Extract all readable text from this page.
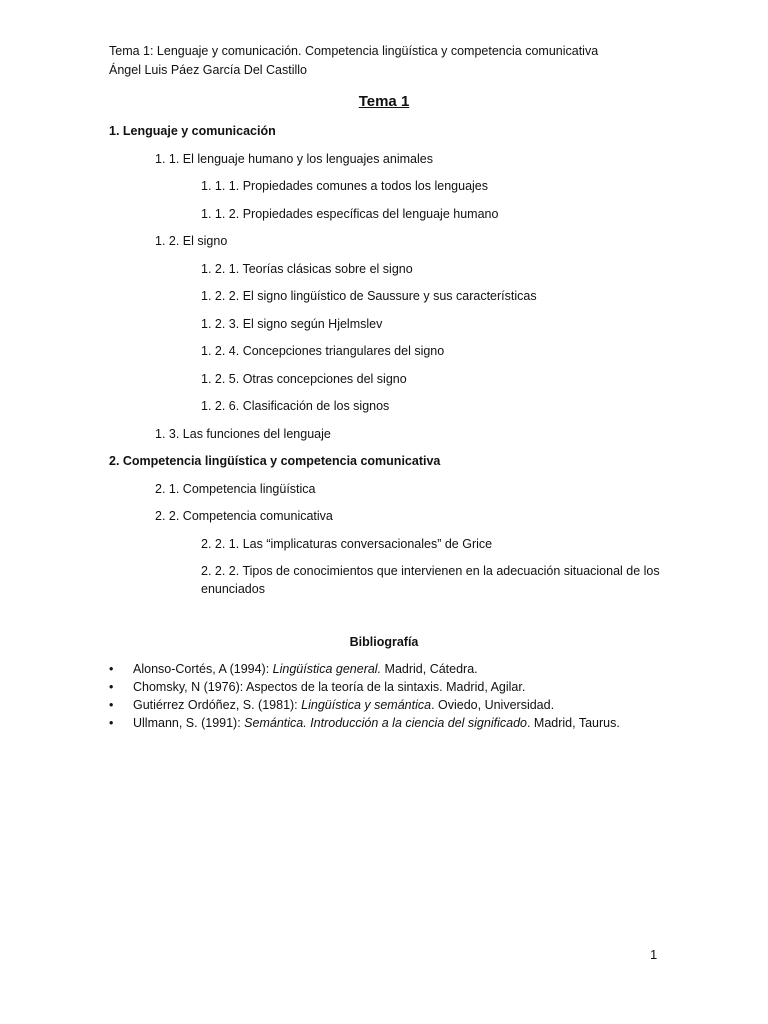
Tema 1: Lenguaje y comunicación. Competencia lingüística y competencia comunicativa
Ángel Luis Páez García Del Castillo
Tema 1
1. Lenguaje y comunicación
1. 1. El lenguaje humano y los lenguajes animales
1. 1. 1. Propiedades comunes a todos los lenguajes
1. 1. 2. Propiedades específicas del lenguaje humano
1. 2. El signo
1. 2. 1. Teorías clásicas sobre el signo
1. 2. 2. El signo lingüístico de Saussure y sus características
1. 2. 3. El signo según Hjelmslev
1. 2. 4. Concepciones triangulares del signo
1. 2. 5. Otras concepciones del signo
1. 2. 6. Clasificación de los signos
1. 3. Las funciones del lenguaje
2. Competencia lingüística y competencia comunicativa
2. 1. Competencia lingüística
2. 2. Competencia comunicativa
2. 2. 1. Las “implicaturas conversacionales” de Grice
2. 2. 2. Tipos de conocimientos que intervienen en la adecuación situacional de los enunciados
Bibliografía
• Alonso-Cortés, A (1994): Lingüística general. Madrid, Cátedra.
• Chomsky, N (1976): Aspectos de la teoría de la sintaxis. Madrid, Agilar.
• Gutiérrez Ordóñez, S. (1981): Lingüística y semántica. Oviedo, Universidad.
• Ullmann, S. (1991): Semántica. Introducción a la ciencia del significado. Madrid, Taurus.
1
